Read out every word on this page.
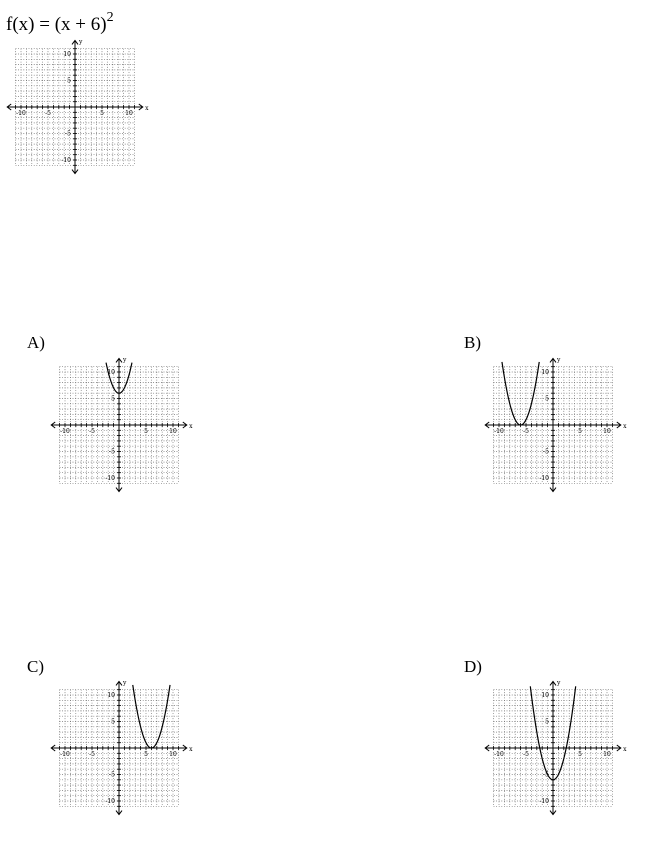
$f(x) = (x + 6)^2$
-10	-5	5	10
10
5
-5
-10
x
y
A)
-10	-5	5	10
10
5
-5
-10
x
y
B)
-10	-5	5	10
10
5
-5
-10
x
y
C)
-10	-5	5	10
10
5
-5
-10
x
y
D)
-10	-5	5	10
10
5
-5
-10
x
y
